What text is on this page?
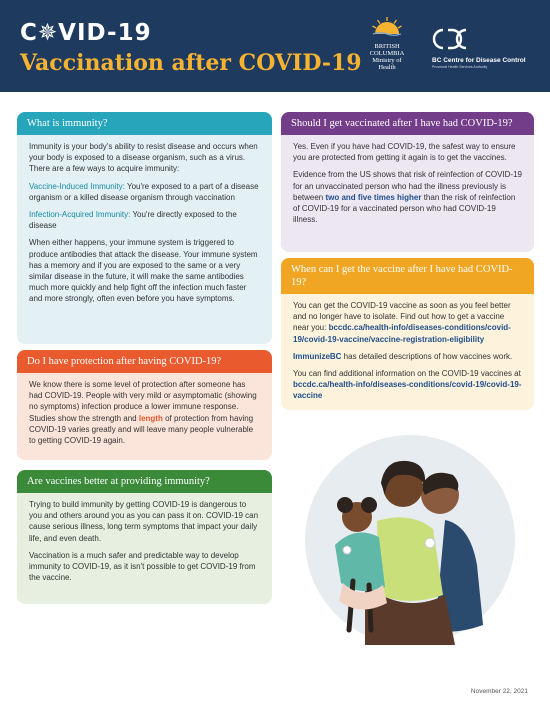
C✵VID-19
Vaccination after COVID-19
BRITISH
COLUMBIA
Ministry of
Health
BC Centre for Disease Control
Provincial Health Services Authority
What is immunity?

Immunity is your body's ability to resist disease and occurs when your body is exposed to a disease organism, such as a virus. There are a few ways to acquire immunity:

Vaccine-Induced Immunity: You're exposed to a part of a disease organism or a killed disease organism through vaccination

Infection-Acquired Immunity: You're directly exposed to the disease

When either happens, your immune system is triggered to produce antibodies that attack the disease. Your immune system has a memory and if you are exposed to the same or a very similar disease in the future, it will make the same antibodies much more quickly and help fight off the infection much faster and more strongly, often even before you have symptoms.

Do I have protection after having COVID-19?

We know there is some level of protection after someone has had COVID-19. People with very mild or asymptomatic (showing no symptoms) infection produce a lower immune response. Studies show the strength and length of protection from having COVID-19 varies greatly and will leave many people vulnerable to getting COVID-19 again.

Are vaccines better at providing immunity?

Trying to build immunity by getting COVID-19 is dangerous to you and others around you as you can pass it on. COVID-19 can cause serious illness, long term symptoms that impact your daily life, and even death.

Vaccination is a much safer and predictable way to develop immunity to COVID-19, as it isn't possible to get COVID-19 from the vaccine.

Should I get vaccinated after I have had COVID-19?

Yes. Even if you have had COVID-19, the safest way to ensure you are protected from getting it again is to get the vaccines.

Evidence from the US shows that risk of reinfection of COVID-19 for an unvaccinated person who had the illness previously is between two and five times higher than the risk of reinfection of COVID-19 for a vaccinated person who had COVID-19 illness.

When can I get the vaccine after I have had COVID-19?

You can get the COVID-19 vaccine as soon as you feel better and no longer have to isolate. Find out how to get a vaccine near you: bccdc.ca/health-info/diseases-conditions/covid-19/covid-19-vaccine/vaccine-registration-eligibility

ImmunizeBC has detailed descriptions of how vaccines work.

You can find additional information on the COVID-19 vaccines at bccdc.ca/health-info/diseases-conditions/covid-19/covid-19-vaccine

November 22, 2021
